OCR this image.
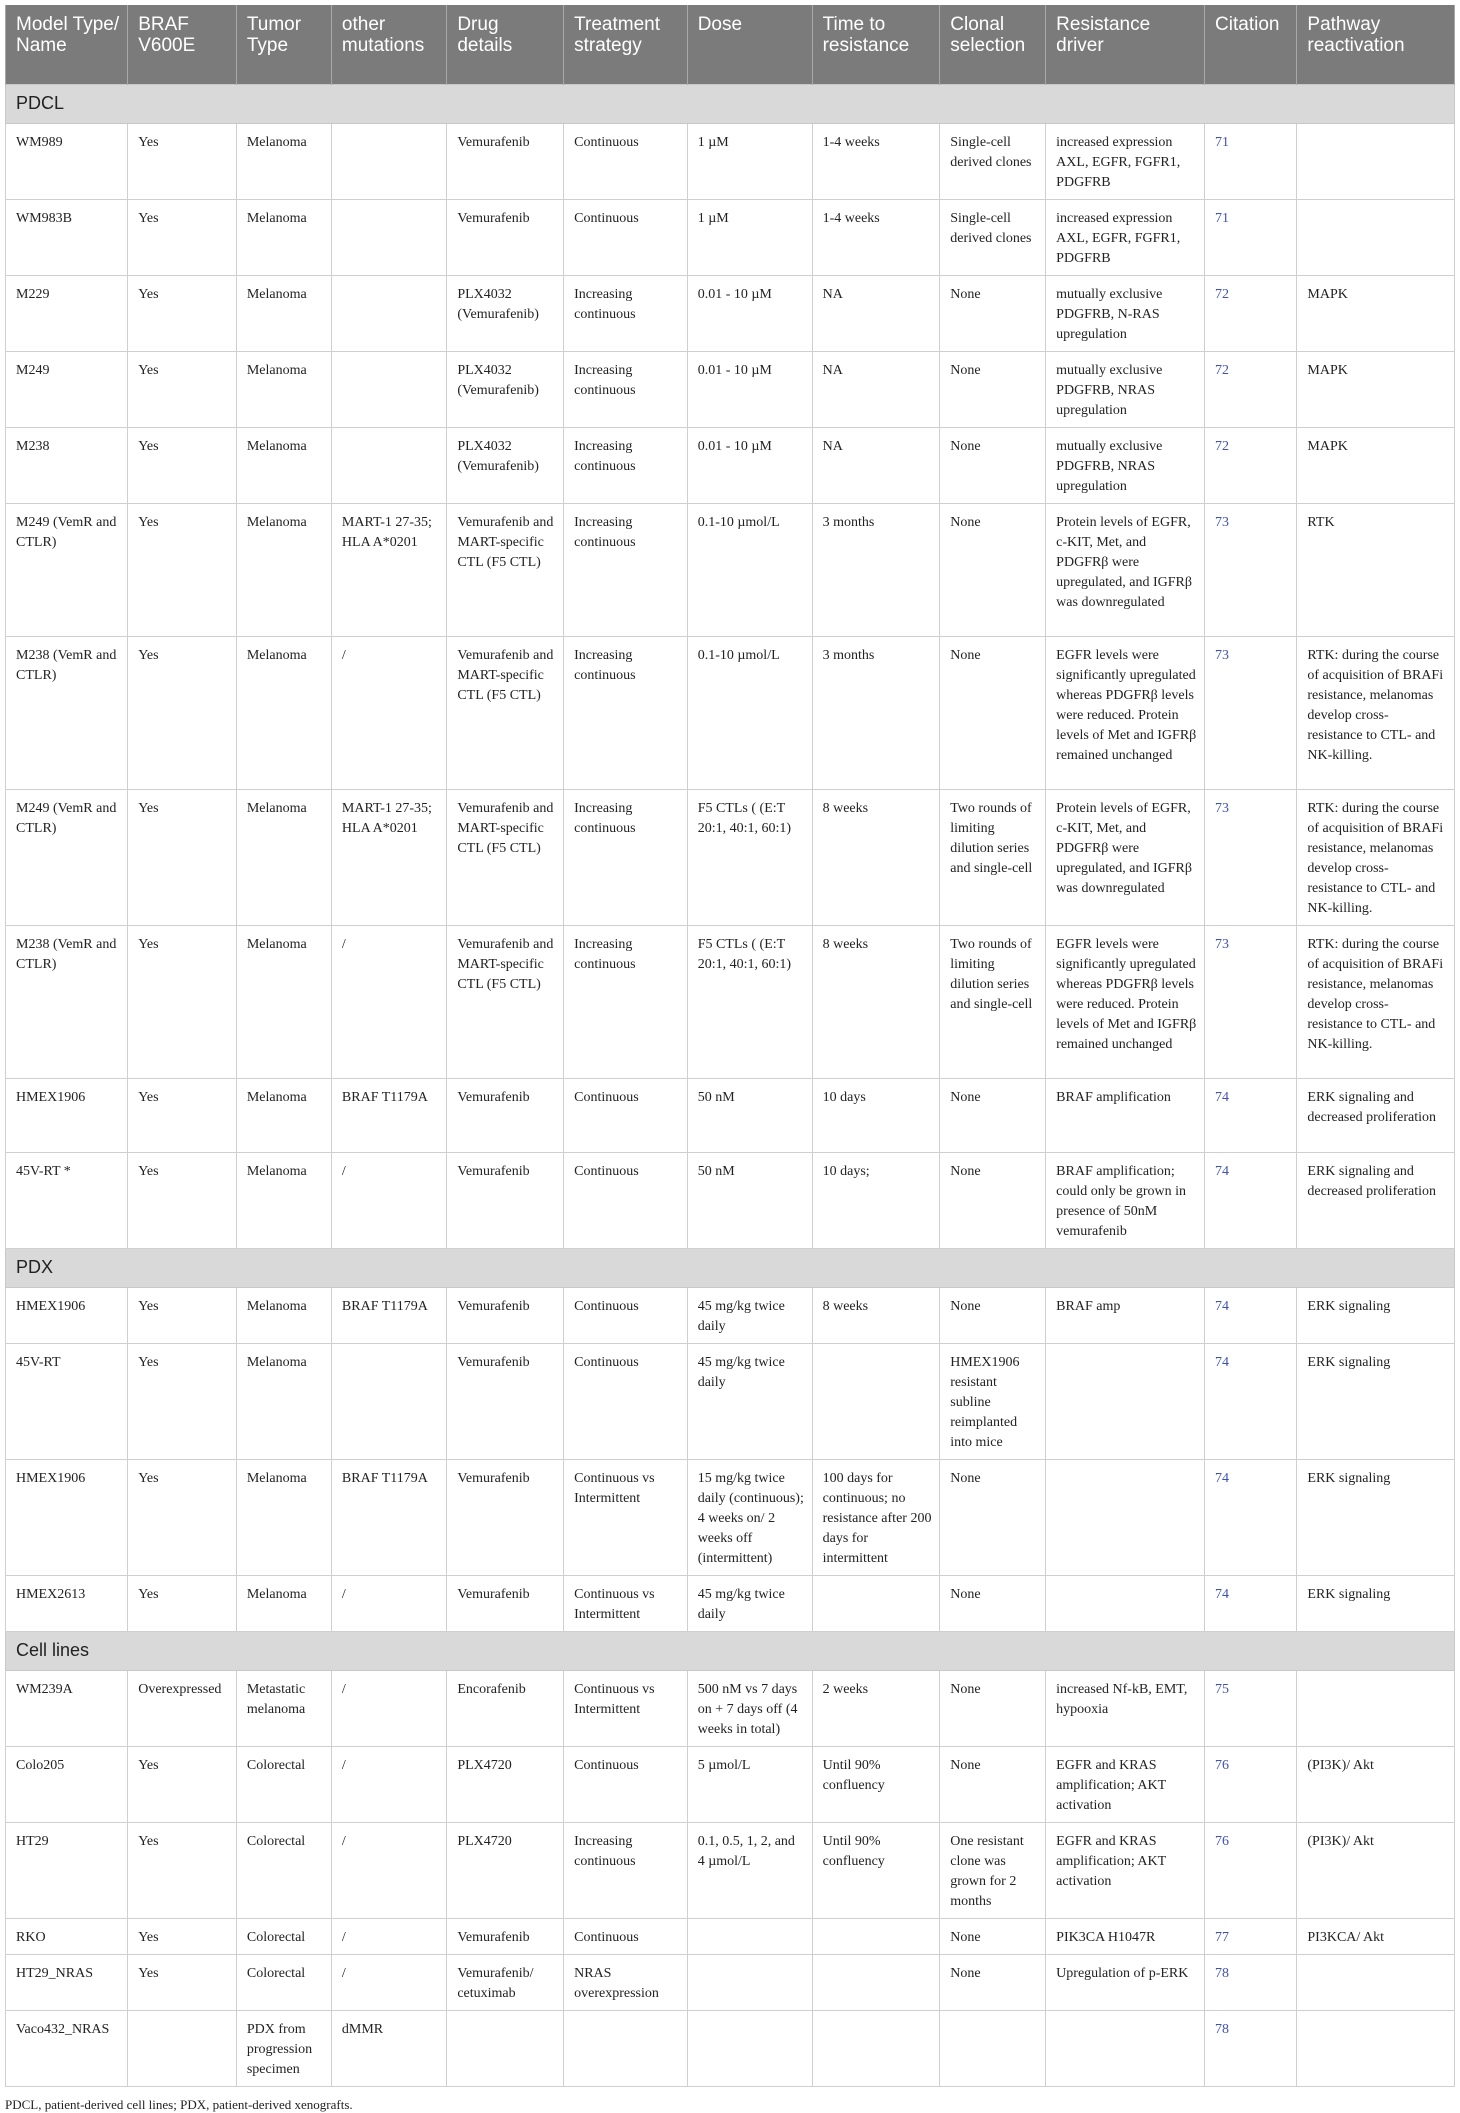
Model Type/ Name	BRAF V600E	Tumor Type	other mutations	Drug details	Treatment strategy	Dose	Time to resistance	Clonal selection	Resistance driver	Citation	Pathway reactivation
PDCL											
WM989	Yes	Melanoma		Vemurafenib	Continuous	1 µM	1-4 weeks	Single-cell derived clones	increased expression AXL, EGFR, FGFR1, PDGFRB	71	
WM983B	Yes	Melanoma		Vemurafenib	Continuous	1 µM	1-4 weeks	Single-cell derived clones	increased expression AXL, EGFR, FGFR1, PDGFRB	71	
M229	Yes	Melanoma		PLX4032 (Vemurafenib)	Increasing continuous	0.01 - 10 µM	NA	None	mutually exclusive PDGFRB, N-RAS upregulation	72	MAPK
M249	Yes	Melanoma		PLX4032 (Vemurafenib)	Increasing continuous	0.01 - 10 µM	NA	None	mutually exclusive PDGFRB, NRAS upregulation	72	MAPK
M238	Yes	Melanoma		PLX4032 (Vemurafenib)	Increasing continuous	0.01 - 10 µM	NA	None	mutually exclusive PDGFRB, NRAS upregulation	72	MAPK
M249 (VemR and CTLR)	Yes	Melanoma	MART-1 27-35; HLA A*0201	Vemurafenib and MART-specific CTL (F5 CTL)	Increasing continuous	0.1-10 µmol/L	3 months	None	Protein levels of EGFR, c-KIT, Met, and PDGFRβ were upregulated, and IGFRβ was downregulated	73	RTK
M238 (VemR and CTLR)	Yes	Melanoma	/	Vemurafenib and MART-specific CTL (F5 CTL)	Increasing continuous	0.1-10 µmol/L	3 months	None	EGFR levels were significantly upregulated whereas PDGFRβ levels were reduced. Protein levels of Met and IGFRβ remained unchanged	73	RTK: during the course of acquisition of BRAFi resistance, melanomas develop cross- resistance to CTL- and NK-killing.
M249 (VemR and CTLR)	Yes	Melanoma	MART-1 27-35; HLA A*0201	Vemurafenib and MART-specific CTL (F5 CTL)	Increasing continuous	F5 CTLs ( (E:T 20:1, 40:1, 60:1)	8 weeks	Two rounds of limiting dilution series and single-cell	Protein levels of EGFR, c-KIT, Met, and PDGFRβ were upregulated, and IGFRβ was downregulated	73	RTK: during the course of acquisition of BRAFi resistance, melanomas develop cross- resistance to CTL- and NK-killing.
M238 (VemR and CTLR)	Yes	Melanoma	/	Vemurafenib and MART-specific CTL (F5 CTL)	Increasing continuous	F5 CTLs ( (E:T 20:1, 40:1, 60:1)	8 weeks	Two rounds of limiting dilution series and single-cell	EGFR levels were significantly upregulated whereas PDGFRβ levels were reduced. Protein levels of Met and IGFRβ remained unchanged	73	RTK: during the course of acquisition of BRAFi resistance, melanomas develop cross- resistance to CTL- and NK-killing.
HMEX1906	Yes	Melanoma	BRAF T1179A	Vemurafenib	Continuous	50 nM	10 days	None	BRAF amplification	74	ERK signaling and decreased proliferation
45V-RT *	Yes	Melanoma	/	Vemurafenib	Continuous	50 nM	10 days;	None	BRAF amplification; could only be grown in presence of 50nM vemurafenib	74	ERK signaling and decreased proliferation
PDX											
HMEX1906	Yes	Melanoma	BRAF T1179A	Vemurafenib	Continuous	45 mg/kg twice daily	8 weeks	None	BRAF amp	74	ERK signaling
45V-RT	Yes	Melanoma		Vemurafenib	Continuous	45 mg/kg twice daily		HMEX1906 resistant subline reimplanted into mice		74	ERK signaling
HMEX1906	Yes	Melanoma	BRAF T1179A	Vemurafenib	Continuous vs Intermittent	15 mg/kg twice daily (continuous); 4 weeks on/ 2 weeks off (intermittent)	100 days for continuous; no resistance after 200 days for intermittent	None		74	ERK signaling
HMEX2613	Yes	Melanoma	/	Vemurafenib	Continuous vs Intermittent	45 mg/kg twice daily		None		74	ERK signaling
Cell lines											
WM239A	Overexpressed	Metastatic melanoma	/	Encorafenib	Continuous vs Intermittent	500 nM vs 7 days on + 7 days off (4 weeks in total)	2 weeks	None	increased Nf-kB, EMT, hypooxia	75	
Colo205	Yes	Colorectal	/	PLX4720	Continuous	5 µmol/L	Until 90% confluency	None	EGFR and KRAS amplification; AKT activation	76	(PI3K)/ Akt
HT29	Yes	Colorectal	/	PLX4720	Increasing continuous	0.1, 0.5, 1, 2, and 4 µmol/L	Until 90% confluency	One resistant clone was grown for 2 months	EGFR and KRAS amplification; AKT activation	76	(PI3K)/ Akt
RKO	Yes	Colorectal	/	Vemurafenib	Continuous			None	PIK3CA H1047R	77	PI3KCA/ Akt
HT29_NRAS	Yes	Colorectal	/	Vemurafenib/ cetuximab	NRAS overexpression			None	Upregulation of p-ERK	78	
Vaco432_NRAS		PDX from progression specimen	dMMR							78	
PDCL, patient-derived cell lines; PDX, patient-derived xenografts.
